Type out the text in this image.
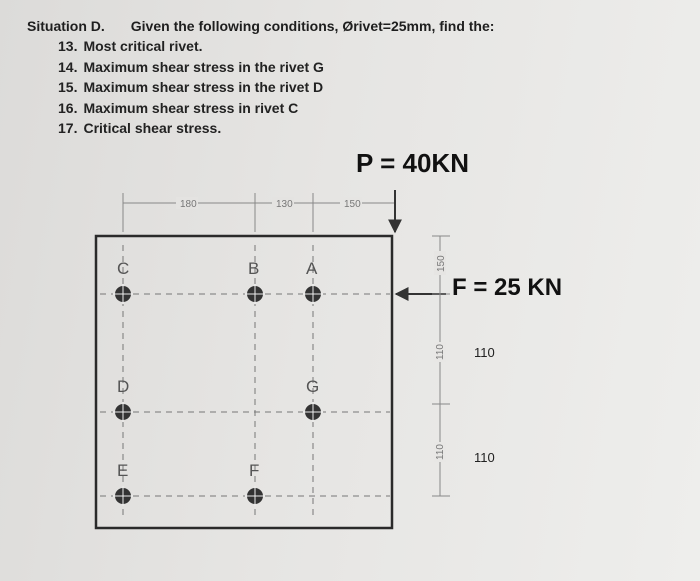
Situation D. Given the following conditions, Ørivet=25mm, find the:
13. Most critical rivet.
14. Maximum shear stress in the rivet G
15. Maximum shear stress in the rivet D
16. Maximum shear stress in rivet C
17. Critical shear stress.
P = 40KN
F = 25 KN
180	130	150
150
110
110
110
110
C	B	A
D	G
E	F
